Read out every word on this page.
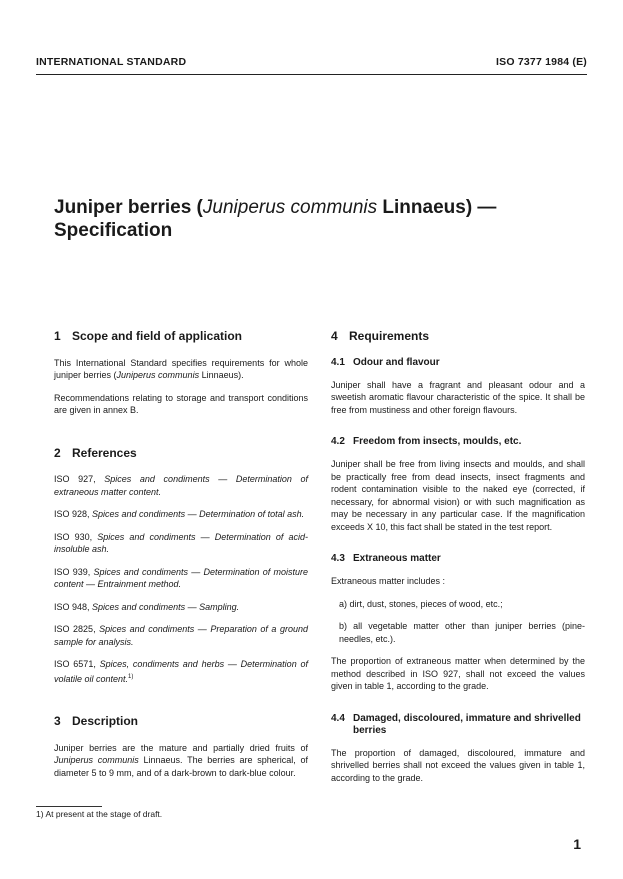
INTERNATIONAL STANDARD	ISO 7377 1984 (E)
Juniper berries (Juniperus communis Linnaeus) —
Specification
1 Scope and field of application

This International Standard specifies requirements for whole juniper berries (Juniperus communis Linnaeus).

Recommendations relating to storage and transport conditions are given in annex B.

2 References
ISO 927, Spices and condiments — Determination of extraneous matter content.
ISO 928, Spices and condiments — Determination of total ash.
ISO 930, Spices and condiments — Determination of acid-insoluble ash.
ISO 939, Spices and condiments — Determination of moisture content — Entrainment method.
ISO 948, Spices and condiments — Sampling.
ISO 2825, Spices and condiments — Preparation of a ground sample for analysis.
ISO 6571, Spices, condiments and herbs — Determination of volatile oil content.$^{1)}$
3 Description

Juniper berries are the mature and partially dried fruits of Juniperus communis Linnaeus. The berries are spherical, of diameter 5 to 9 mm, and of a dark-brown to dark-blue colour.

4 Requirements
4.1 Odour and flavour

Juniper shall have a fragrant and pleasant odour and a sweetish aromatic flavour characteristic of the spice. It shall be free from mustiness and other foreign flavours.

4.2 Freedom from insects, moulds, etc.

Juniper shall be free from living insects and moulds, and shall be practically free from dead insects, insect fragments and rodent contamination visible to the naked eye (corrected, if necessary, for abnormal vision) or with such magnification as may be necessary in any particular case. If the magnification exceeds X 10, this fact shall be stated in the test report.

4.3 Extraneous matter

Extraneous matter includes :

a) dirt, dust, stones, pieces of wood, etc.;
b) all vegetable matter other than juniper berries (pine-needles, etc.).

The proportion of extraneous matter when determined by the method described in ISO 927, shall not exceed the values given in table 1, according to the grade.

4.4 Damaged, discoloured, immature and shrivelled berries

The proportion of damaged, discoloured, immature and shrivelled berries shall not exceed the values given in table 1, according to the grade.

1) At present at the stage of draft.
1
